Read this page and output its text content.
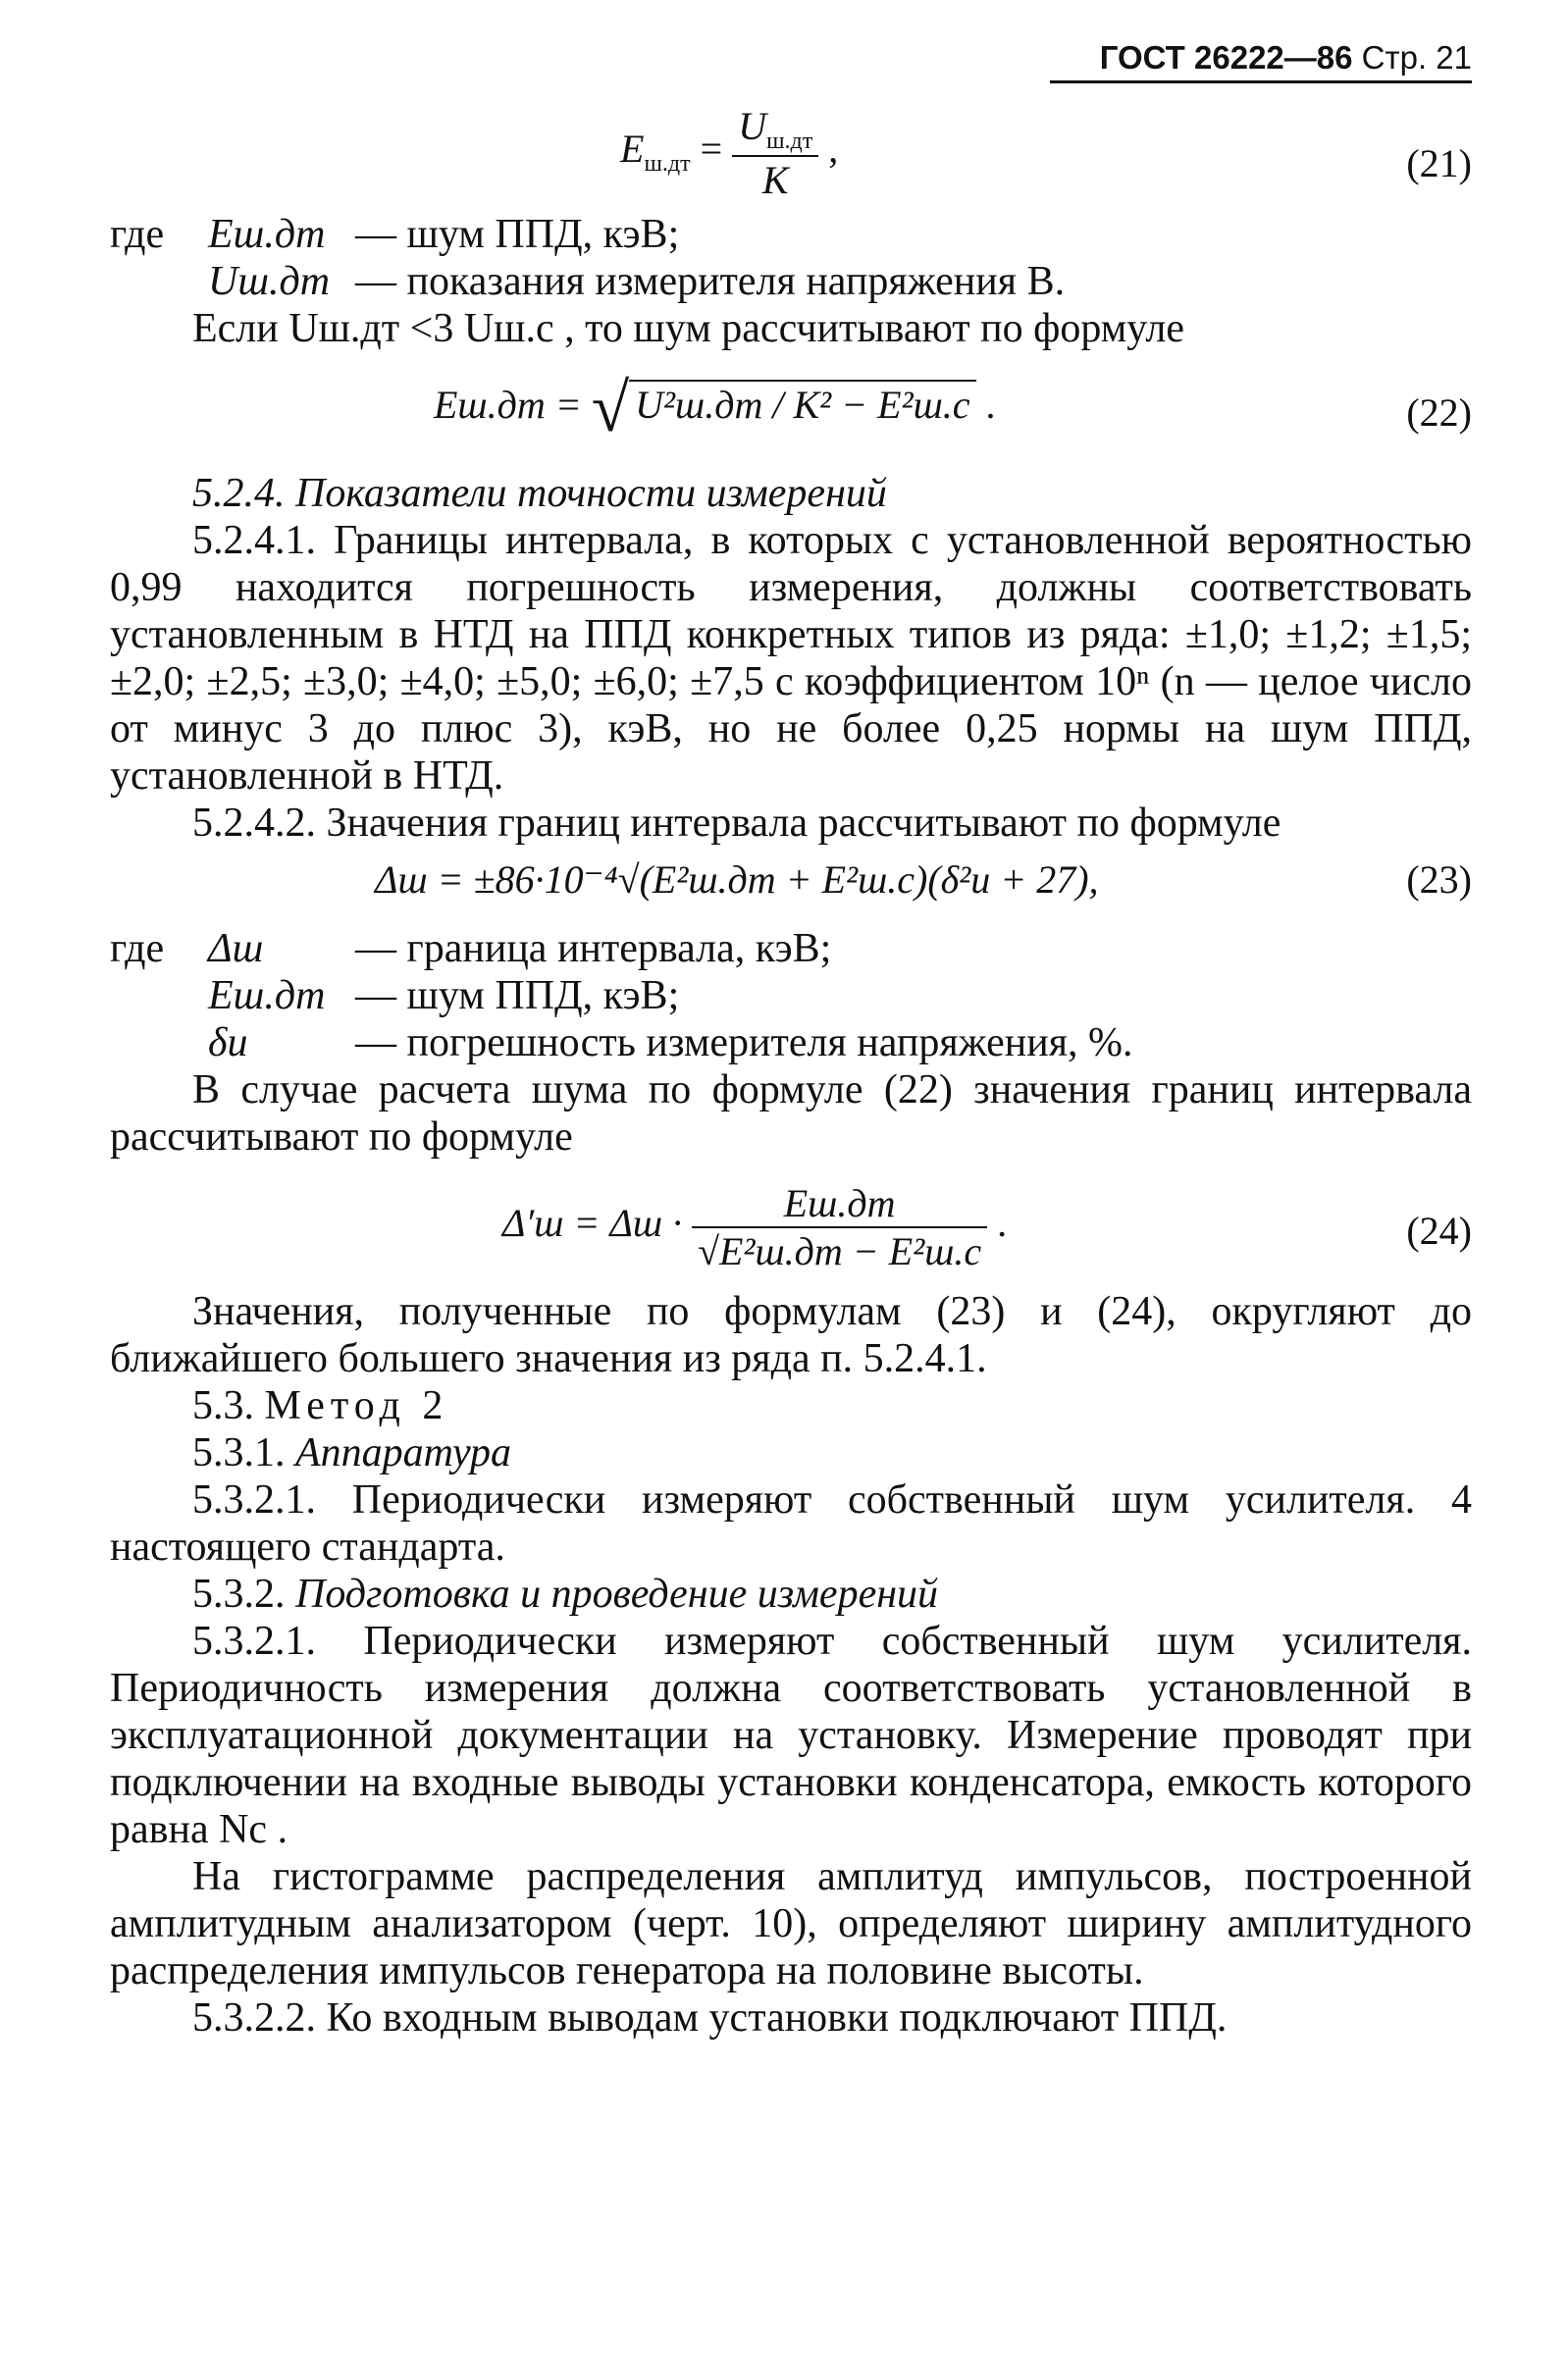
ГОСТ 26222—86 Стр. 21
$E_{ш.дт} = \frac{U_{ш.дт}}{K}$ ,	(21)
где	Eш.дт — шум ППД, кэВ;
Uш.дт — показания измерителя напряжения В.

Если Uш.дт <3 Uш.с , то шум рассчитывают по формуле

Eш.дт = √ U²ш.дт / K² − E²ш.с .	(22)

5.2.4. Показатели точности измерений

5.2.4.1. Границы интервала, в которых с установленной вероятностью 0,99 находится погрешность измерения, должны соответствовать установленным в НТД на ППД конкретных типов из ряда: ±1,0; ±1,2; ±1,5; ±2,0; ±2,5; ±3,0; ±4,0; ±5,0; ±6,0; ±7,5 с коэффициентом 10ⁿ (n — целое число от минус 3 до плюс 3), кэВ, но не более 0,25 нормы на шум ППД, установленной в НТД.

5.2.4.2. Значения границ интервала рассчитывают по формуле

Δш = ±86·10⁻⁴√(E²ш.дт + E²ш.с)(δ²и + 27),	(23)
где	Δш	— граница интервала, кэВ;
Eш.дт — шум ППД, кэВ;
δи	— погрешность измерителя напряжения, %.

В случае расчета шума по формуле (22) значения границ интервала рассчитывают по формуле

$\Delta'ш = \Delta ш \cdot \frac{Eш.дт}{\text{√E²ш.дт − E²ш.с}}$ .	(24)

Значения, полученные по формулам (23) и (24), округляют до ближайшего большего значения из ряда п. 5.2.4.1.

5.3. Метод 2

5.3.1. Аппаратура

5.3.2.1. Периодически измеряют собственный шум усилителя. 4 настоящего стандарта.

5.3.2. Подготовка и проведение измерений

5.3.2.1. Периодически измеряют собственный шум усилителя. Периодичность измерения должна соответствовать установленной в эксплуатационной документации на установку. Измерение проводят при подключении на входные выводы установки конденсатора, емкость которого равна Nс .

На гистограмме распределения амплитуд импульсов, построенной амплитудным анализатором (черт. 10), определяют ширину амплитудного распределения импульсов генератора на половине высоты.

5.3.2.2. Ко входным выводам установки подключают ППД.
